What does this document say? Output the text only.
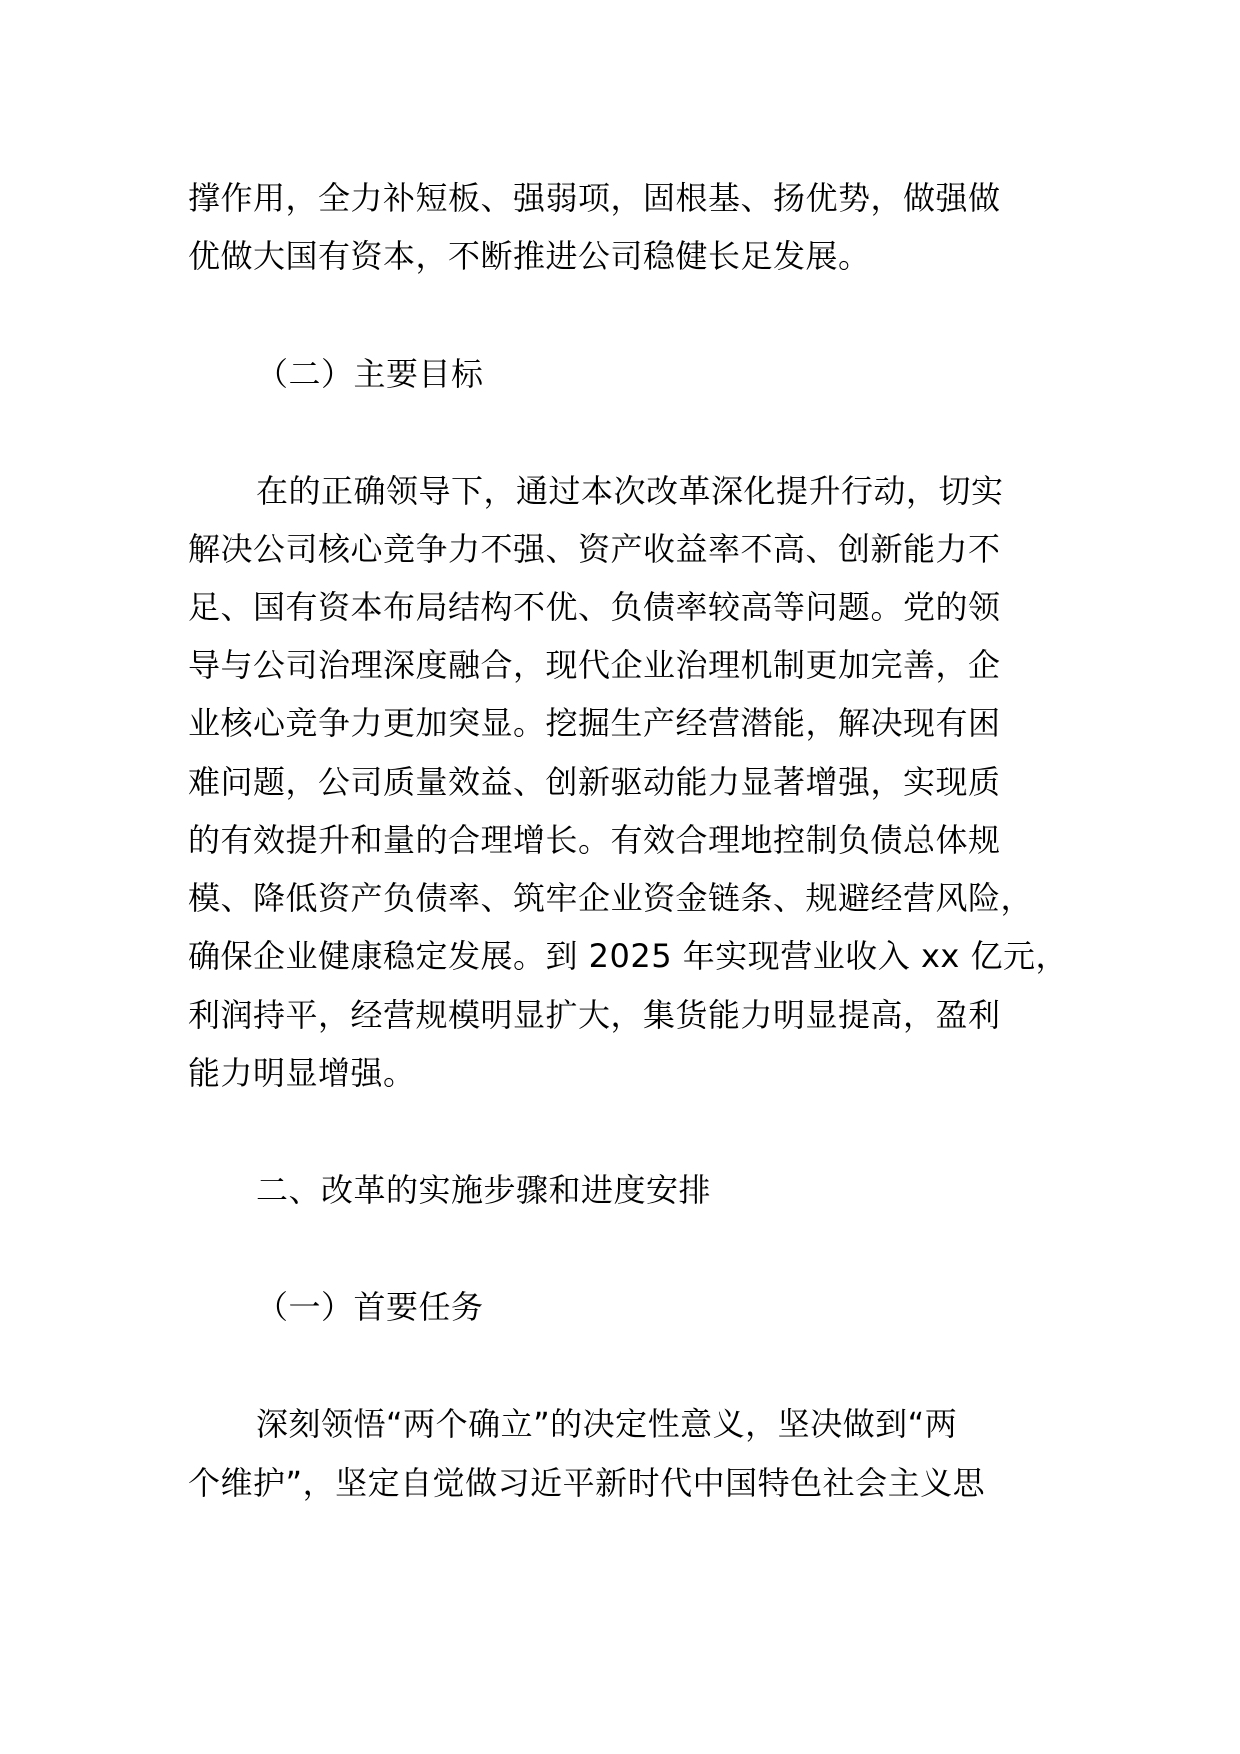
撑作用，全力补短板、强弱项，固根基、扬优势，做强做
优做大国有资本，不断推进公司稳健长足发展。
（二）主要目标
在的正确领导下，通过本次改革深化提升行动，切实
解决公司核心竞争力不强、资产收益率不高、创新能力不
足、国有资本布局结构不优、负债率较高等问题。党的领
导与公司治理深度融合，现代企业治理机制更加完善，企
业核心竞争力更加突显。挖掘生产经营潜能，解决现有困
难问题，公司质量效益、创新驱动能力显著增强，实现质
的有效提升和量的合理增长。有效合理地控制负债总体规
模、降低资产负债率、筑牢企业资金链条、规避经营风险，
确保企业健康稳定发展。到 2025 年实现营业收入 xx 亿元，
利润持平，经营规模明显扩大，集货能力明显提高，盈利
能力明显增强。
二、改革的实施步骤和进度安排
（一）首要任务
深刻领悟“两个确立”的决定性意义，坚决做到“两
个维护”，坚定自觉做习近平新时代中国特色社会主义思
